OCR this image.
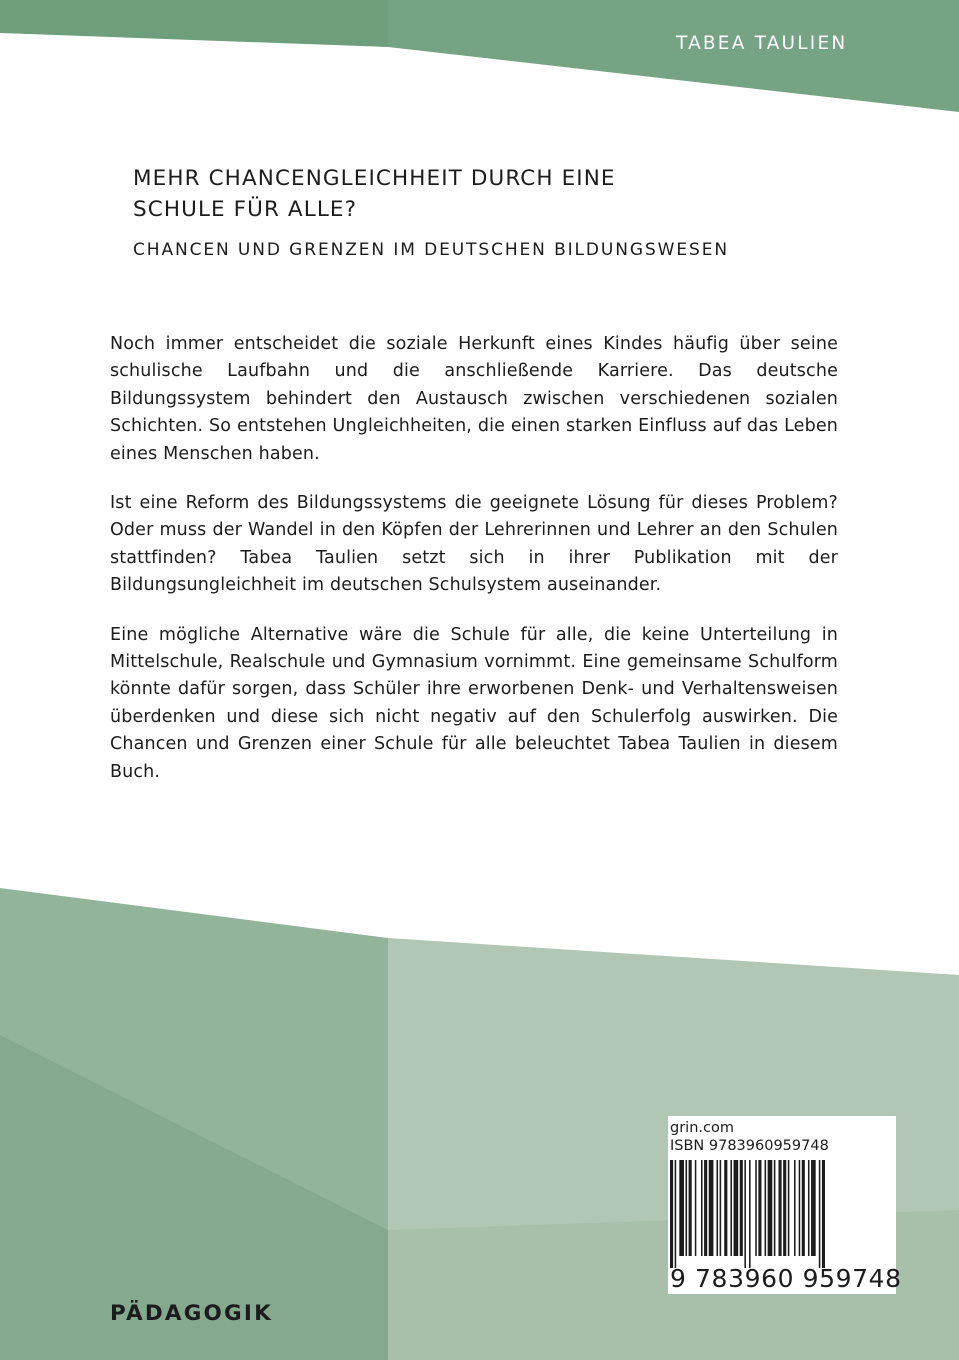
TABEA TAULIEN
MEHR CHANCENGLEICHHEIT DURCH EINE
SCHULE FÜR ALLE?
CHANCEN UND GRENZEN IM DEUTSCHEN BILDUNGSWESEN

Noch immer entscheidet die soziale Herkunft eines Kindes häufig über seine schulische Laufbahn und die anschließende Karriere. Das deutsche Bildungssystem behindert den Austausch zwischen verschiedenen sozialen Schichten. So entstehen Ungleichheiten, die einen starken Einfluss auf das Leben eines Menschen haben.

Ist eine Reform des Bildungssystems die geeignete Lösung für dieses Problem? Oder muss der Wandel in den Köpfen der Lehrerinnen und Lehrer an den Schulen stattfinden? Tabea Taulien setzt sich in ihrer Publikation mit der Bildungsungleichheit im deutschen Schulsystem auseinander.

Eine mögliche Alternative wäre die Schule für alle, die keine Unterteilung in Mittelschule, Realschule und Gymnasium vornimmt. Eine gemeinsame Schulform könnte dafür sorgen, dass Schüler ihre erworbenen Denk- und Verhaltensweisen überdenken und diese sich nicht negativ auf den Schulerfolg auswirken. Die Chancen und Grenzen einer Schule für alle beleuchtet Tabea Taulien in diesem Buch.

grin.com
ISBN 9783960959748
9 783960 959748
PÄDAGOGIK
